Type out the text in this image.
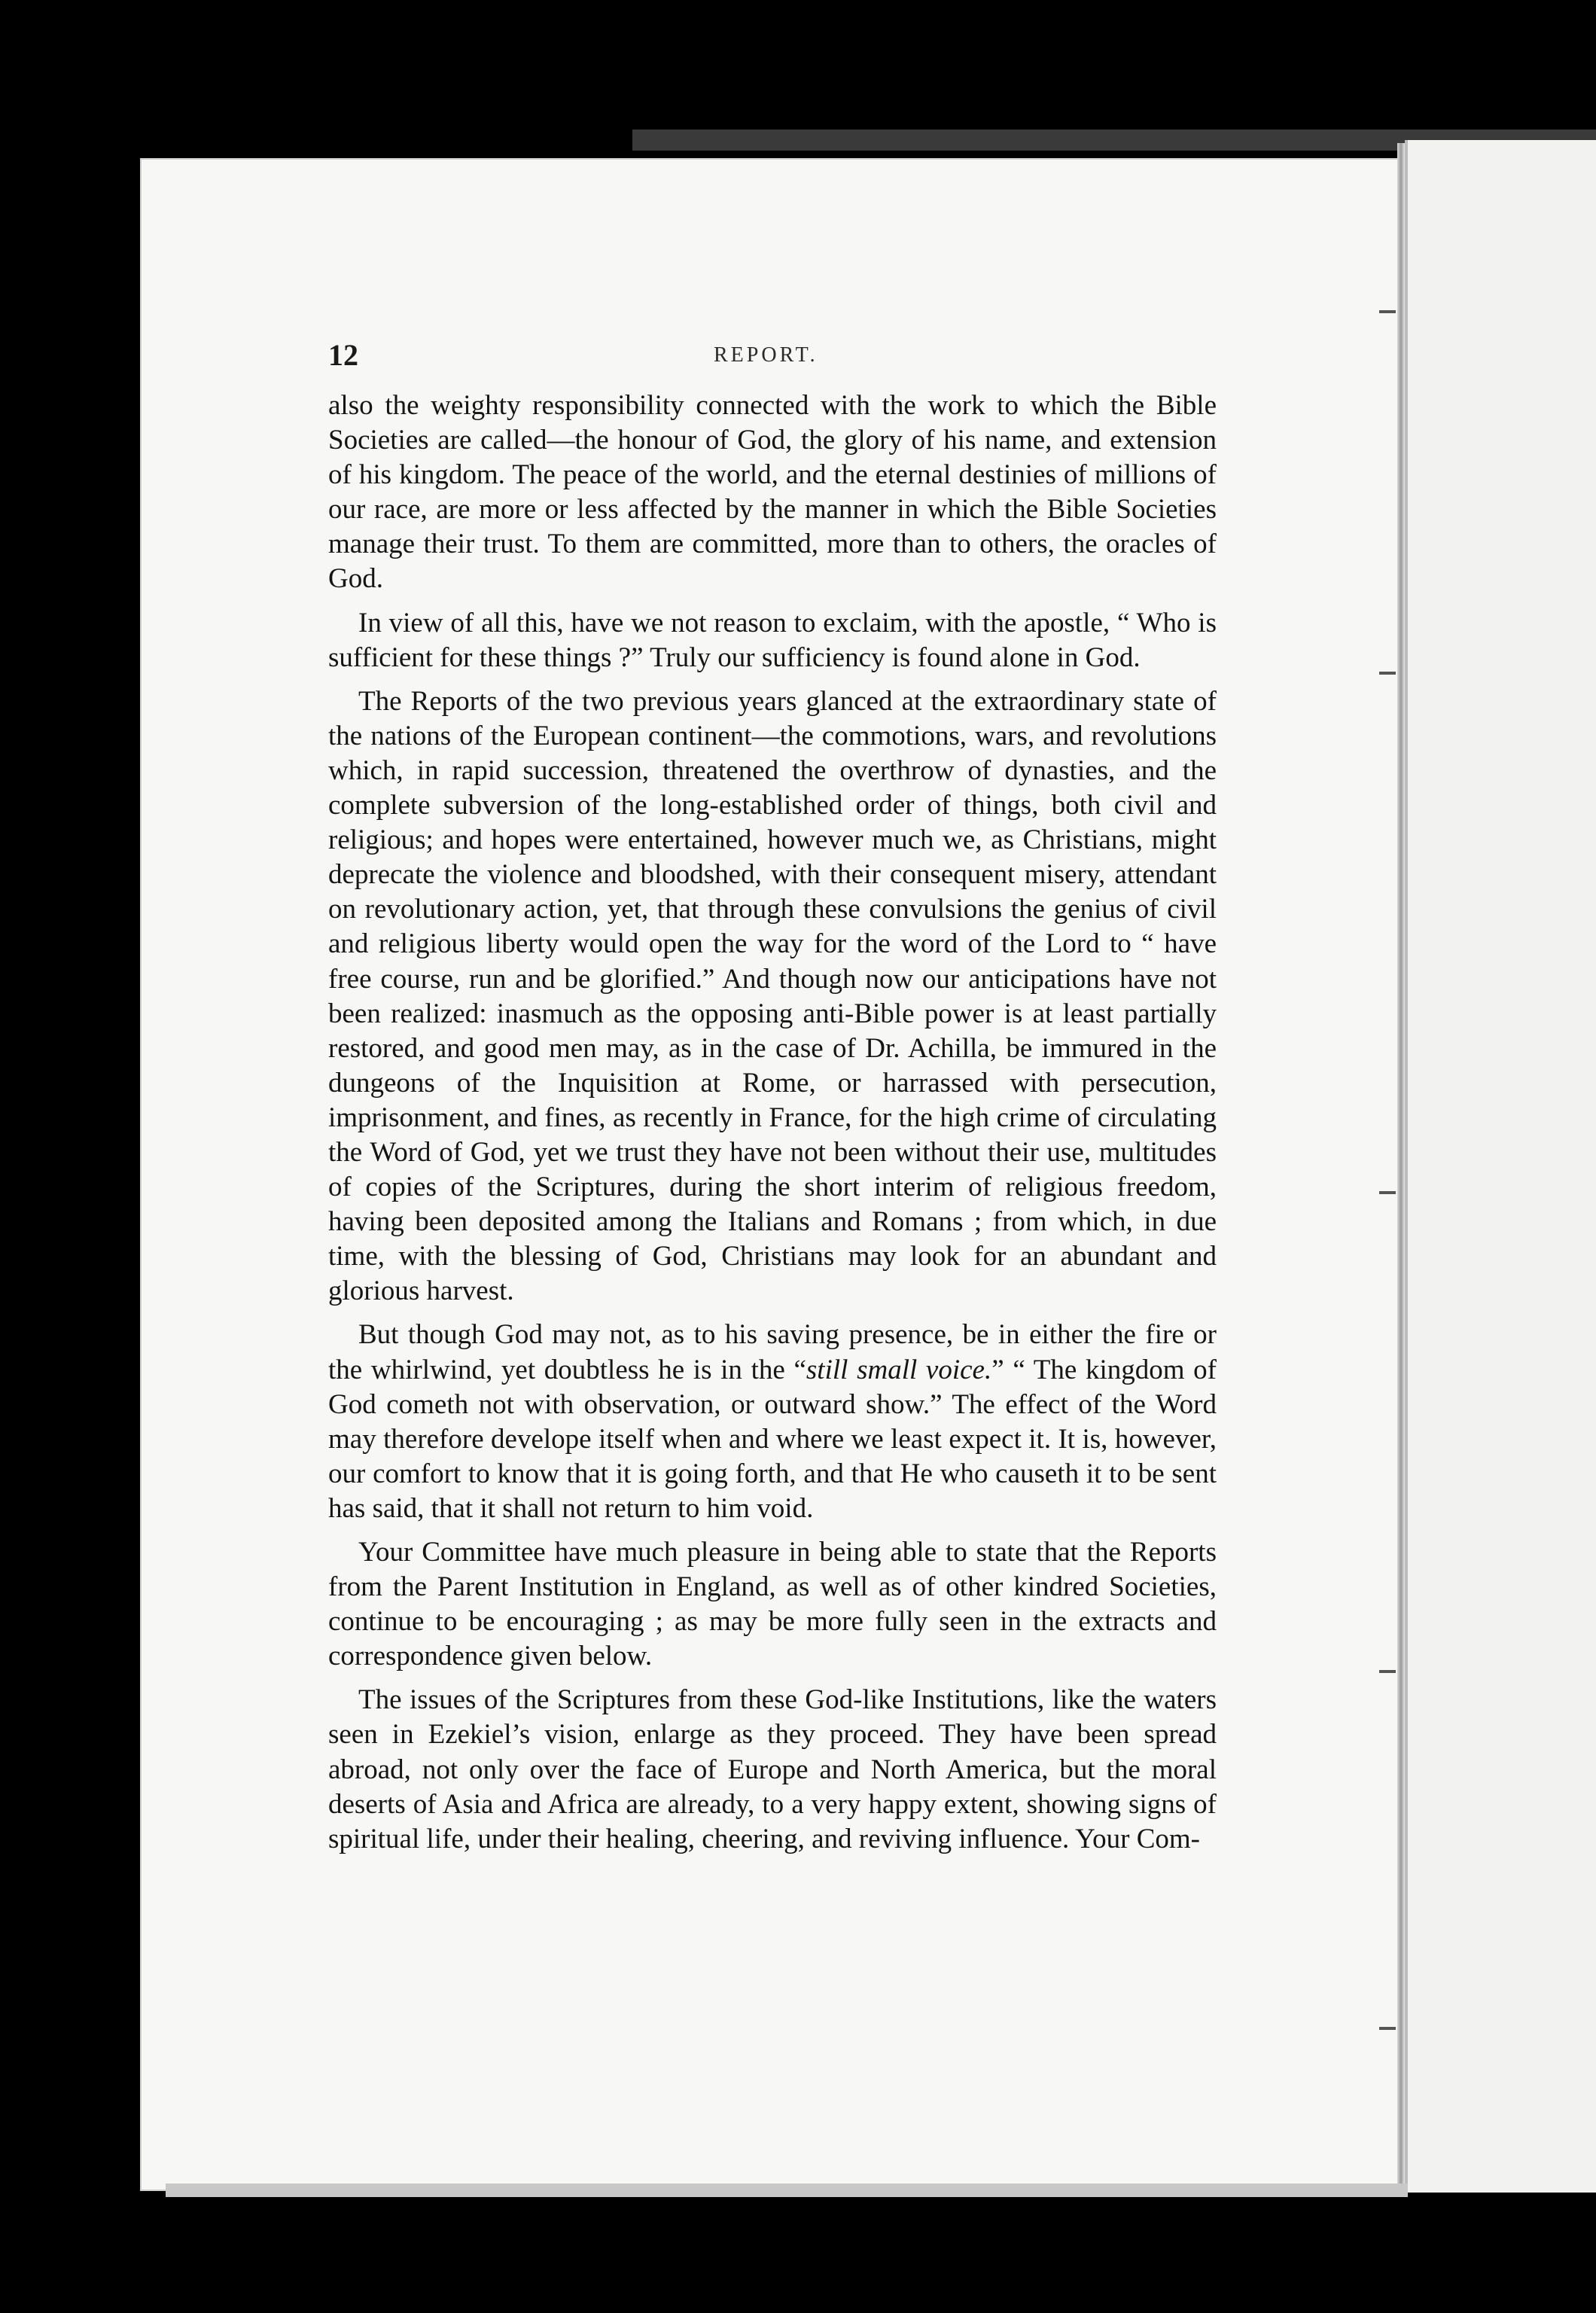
12	REPORT.

also the weighty responsibility connected with the work to which the Bible Societies are called—the honour of God, the glory of his name, and extension of his kingdom. The peace of the world, and the eternal destinies of millions of our race, are more or less affected by the manner in which the Bible Societies manage their trust. To them are committed, more than to others, the oracles of God.

In view of all this, have we not reason to exclaim, with the apostle, “ Who is sufficient for these things ?” Truly our sufficiency is found alone in God.

The Reports of the two previous years glanced at the extraordinary state of the nations of the European continent—the commotions, wars, and revolutions which, in rapid succession, threatened the overthrow of dynasties, and the complete subversion of the long-established order of things, both civil and religious; and hopes were entertained, however much we, as Christians, might deprecate the violence and bloodshed, with their consequent misery, attendant on revolutionary action, yet, that through these convulsions the genius of civil and religious liberty would open the way for the word of the Lord to “ have free course, run and be glorified.” And though now our anticipations have not been realized: inasmuch as the opposing anti-Bible power is at least partially restored, and good men may, as in the case of Dr. Achilla, be immured in the dungeons of the Inquisition at Rome, or harrassed with persecution, imprisonment, and fines, as recently in France, for the high crime of circulating the Word of God, yet we trust they have not been without their use, multitudes of copies of the Scriptures, during the short interim of religious freedom, having been deposited among the Italians and Romans ; from which, in due time, with the blessing of God, Christians may look for an abundant and glorious harvest.

But though God may not, as to his saving presence, be in either the fire or the whirlwind, yet doubtless he is in the “still small voice.” “ The kingdom of God cometh not with observation, or outward show.” The effect of the Word may therefore develope itself when and where we least expect it. It is, however, our comfort to know that it is going forth, and that He who causeth it to be sent has said, that it shall not return to him void.

Your Committee have much pleasure in being able to state that the Reports from the Parent Institution in England, as well as of other kindred Societies, continue to be encouraging ; as may be more fully seen in the extracts and correspondence given below.

The issues of the Scriptures from these God-like Institutions, like the waters seen in Ezekiel’s vision, enlarge as they proceed. They have been spread abroad, not only over the face of Europe and North America, but the moral deserts of Asia and Africa are already, to a very happy extent, showing signs of spiritual life, under their healing, cheering, and reviving influence. Your Com-
